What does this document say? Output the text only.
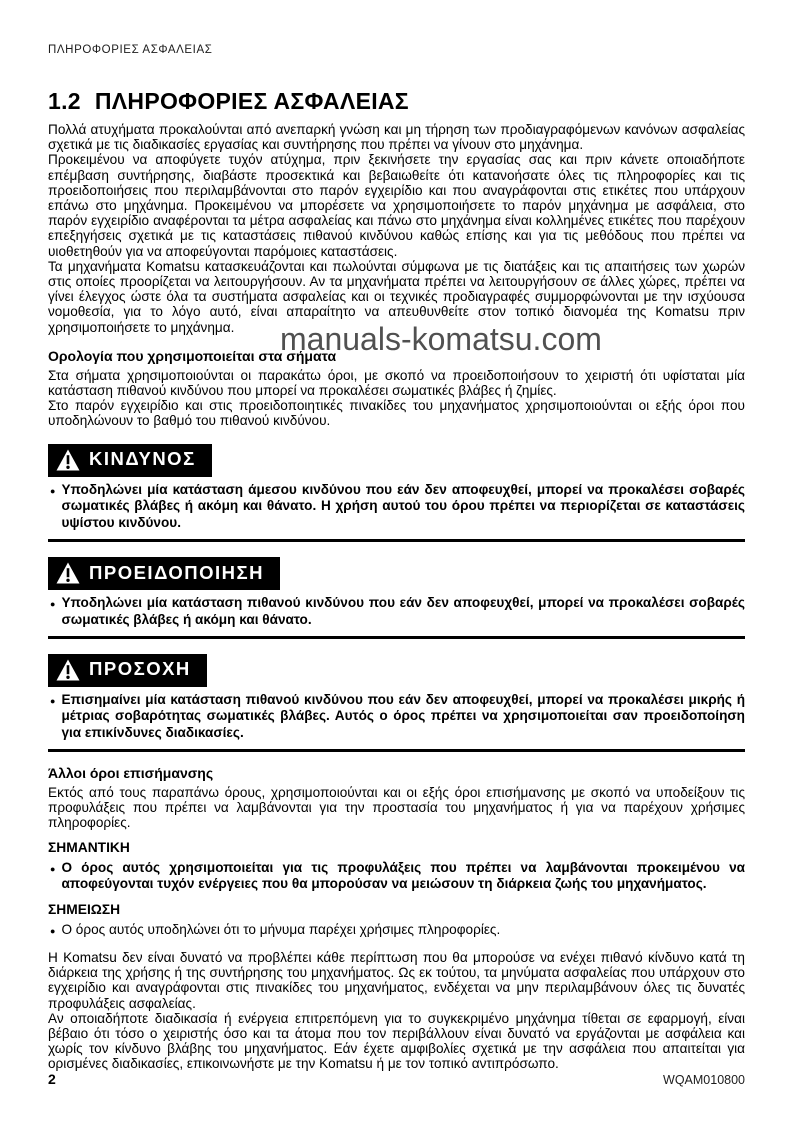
ΠΛΗΡΟΦΟΡΙΕΣ ΑΣΦΑΛΕΙΑΣ
1.2 ΠΛΗΡΟΦΟΡΙΕΣ ΑΣΦΑΛΕΙΑΣ

Πολλά ατυχήματα προκαλούνται από ανεπαρκή γνώση και μη τήρηση των προδιαγραφόμενων κανόνων ασφαλείας σχετικά με τις διαδικασίες εργασίας και συντήρησης που πρέπει να γίνουν στο μηχάνημα.

Προκειμένου να αποφύγετε τυχόν ατύχημα, πριν ξεκινήσετε την εργασίας σας και πριν κάνετε οποιαδήποτε επέμβαση συντήρησης, διαβάστε προσεκτικά και βεβαιωθείτε ότι κατανοήσατε όλες τις πληροφορίες και τις προειδοποιήσεις που περιλαμβάνονται στο παρόν εγχειρίδιο και που αναγράφονται στις ετικέτες που υπάρχουν επάνω στο μηχάνημα. Προκειμένου να μπορέσετε να χρησιμοποιήσετε το παρόν μηχάνημα με ασφάλεια, στο παρόν εγχειρίδιο αναφέρονται τα μέτρα ασφαλείας και πάνω στο μηχάνημα είναι κολλημένες ετικέτες που παρέχουν επεξηγήσεις σχετικά με τις καταστάσεις πιθανού κινδύνου καθώς επίσης και για τις μεθόδους που πρέπει να υιοθετηθούν για να αποφεύγονται παρόμοιες καταστάσεις.

Τα μηχανήματα Komatsu κατασκευάζονται και πωλούνται σύμφωνα με τις διατάξεις και τις απαιτήσεις των χωρών στις οποίες προορίζεται να λειτουργήσουν. Αν τα μηχανήματα πρέπει να λειτουργήσουν σε άλλες χώρες, πρέπει να γίνει έλεγχος ώστε όλα τα συστήματα ασφαλείας και οι τεχνικές προδιαγραφές συμμορφώνονται με την ισχύουσα νομοθεσία, για το λόγο αυτό, είναι απαραίτητο να απευθυνθείτε στον τοπικό διανομέα της Komatsu πριν χρησιμοποιήσετε το μηχάνημα.

Ορολογία που χρησιμοποιείται στα σήματα

Στα σήματα χρησιμοποιούνται οι παρακάτω όροι, με σκοπό να προειδοποιήσουν το χειριστή ότι υφίσταται μία κατάσταση πιθανού κινδύνου που μπορεί να προκαλέσει σωματικές βλάβες ή ζημίες.

Στο παρόν εγχειρίδιο και στις προειδοποιητικές πινακίδες του μηχανήματος χρησιμοποιούνται οι εξής όροι που υποδηλώνουν το βαθμό του πιθανού κινδύνου.

ΚΙΝΔΥΝΟΣ
● Υποδηλώνει μία κατάσταση άμεσου κινδύνου που εάν δεν αποφευχθεί, μπορεί να προκαλέσει σοβαρές σωματικές βλάβες ή ακόμη και θάνατο. Η χρήση αυτού του όρου πρέπει να περιορίζεται σε καταστάσεις υψίστου κινδύνου.
ΠΡΟΕΙΔΟΠΟΙΗΣΗ
● Υποδηλώνει μία κατάσταση πιθανού κινδύνου που εάν δεν αποφευχθεί, μπορεί να προκαλέσει σοβαρές σωματικές βλάβες ή ακόμη και θάνατο.
ΠΡΟΣΟΧΗ
● Επισημαίνει μία κατάσταση πιθανού κινδύνου που εάν δεν αποφευχθεί, μπορεί να προκαλέσει μικρής ή μέτριας σοβαρότητας σωματικές βλάβες. Αυτός ο όρος πρέπει να χρησιμοποιείται σαν προειδοποίηση για επικίνδυνες διαδικασίες.
Άλλοι όροι επισήμανσης

Εκτός από τους παραπάνω όρους, χρησιμοποιούνται και οι εξής όροι επισήμανσης με σκοπό να υποδείξουν τις προφυλάξεις που πρέπει να λαμβάνονται για την προστασία του μηχανήματος ή για να παρέχουν χρήσιμες πληροφορίες.

ΣΗΜΑΝΤΙΚΗ
● Ο όρος αυτός χρησιμοποιείται για τις προφυλάξεις που πρέπει να λαμβάνονται προκειμένου να αποφεύγονται τυχόν ενέργειες που θα μπορούσαν να μειώσουν τη διάρκεια ζωής του μηχανήματος.
ΣΗΜΕΙΩΣΗ
● Ο όρος αυτός υποδηλώνει ότι το μήνυμα παρέχει χρήσιμες πληροφορίες.

Η Komatsu δεν είναι δυνατό να προβλέπει κάθε περίπτωση που θα μπορούσε να ενέχει πιθανό κίνδυνο κατά τη διάρκεια της χρήσης ή της συντήρησης του μηχανήματος. Ως εκ τούτου, τα μηνύματα ασφαλείας που υπάρχουν στο εγχειρίδιο και αναγράφονται στις πινακίδες του μηχανήματος, ενδέχεται να μην περιλαμβάνουν όλες τις δυνατές προφυλάξεις ασφαλείας.

Αν οποιαδήποτε διαδικασία ή ενέργεια επιτρεπόμενη για το συγκεκριμένο μηχάνημα τίθεται σε εφαρμογή, είναι βέβαιο ότι τόσο ο χειριστής όσο και τα άτομα που τον περιβάλλουν είναι δυνατό να εργάζονται με ασφάλεια και χωρίς τον κίνδυνο βλάβης του μηχανήματος. Εάν έχετε αμφιβολίες σχετικά με την ασφάλεια που απαιτείται για ορισμένες διαδικασίες, επικοινωνήστε με την Komatsu ή με τον τοπικό αντιπρόσωπο.

manuals-komatsu.com
2	WQAM010800
